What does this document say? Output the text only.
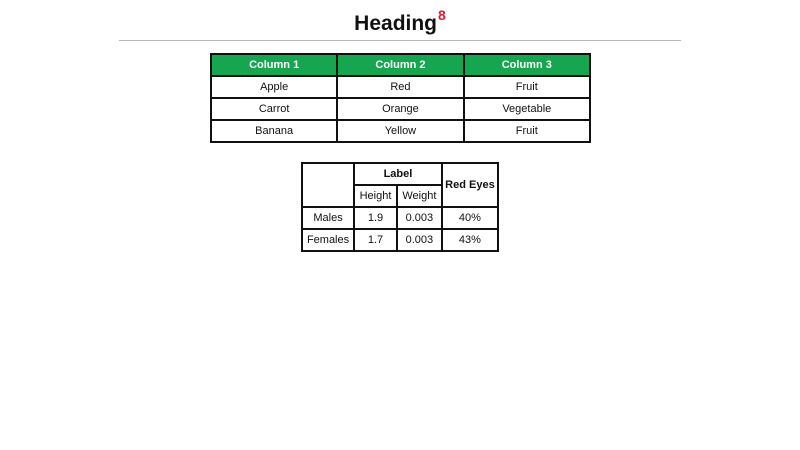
Heading$^8$
Column 1	Column 2	Column 3
Apple	Red	Fruit
Carrot	Orange	Vegetable
Banana	Yellow	Fruit
	Label		Red Eyes
	Height	Weight	
Males	1.9	0.003	40%
Females	1.7	0.003	43%
